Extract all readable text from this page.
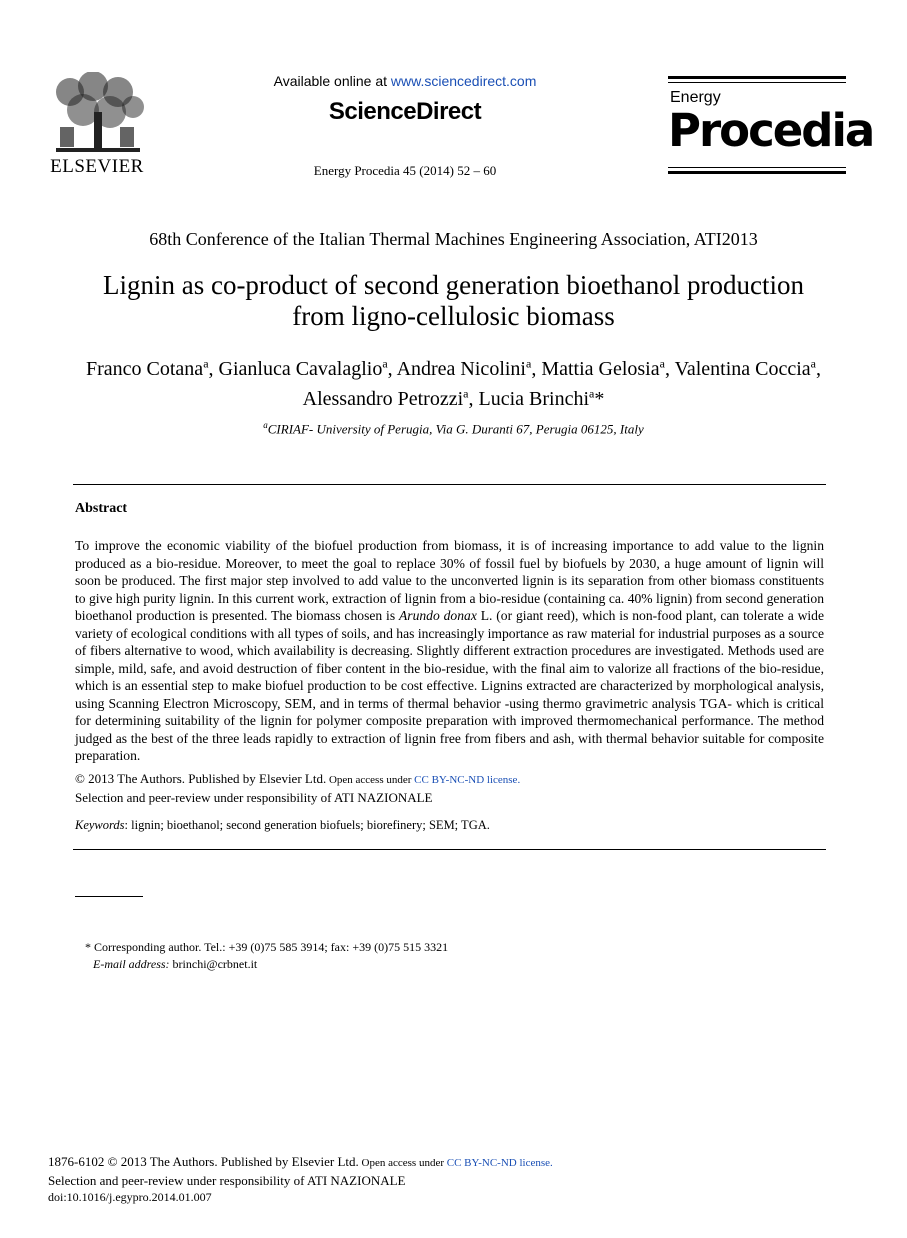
ELSEVIER
Available online at www.sciencedirect.com
ScienceDirect
Energy Procedia 45 (2014) 52 – 60
Energy
Procedia
68th Conference of the Italian Thermal Machines Engineering Association, ATI2013
Lignin as co-product of second generation bioethanol production
from ligno-cellulosic biomass
Franco Cotana$^a$, Gianluca Cavalaglio$^a$, Andrea Nicolini$^a$, Mattia Gelosia$^a$, Valentina Coccia$^a$, Alessandro Petrozzi$^a$, Lucia Brinchi$^a$*
$^a$CIRIAF- University of Perugia, Via G. Duranti 67, Perugia 06125, Italy
Abstract
To improve the economic viability of the biofuel production from biomass, it is of increasing importance to add value to the lignin produced as a bio-residue. Moreover, to meet the goal to replace 30% of fossil fuel by biofuels by 2030, a huge amount of lignin will soon be produced. The first major step involved to add value to the unconverted lignin is its separation from other biomass constituents to give high purity lignin. In this current work, extraction of lignin from a bio-residue (containing ca. 40% lignin) from second generation bioethanol production is presented. The biomass chosen is Arundo donax L. (or giant reed), which is non-food plant, can tolerate a wide variety of ecological conditions with all types of soils, and has increasingly importance as raw material for industrial purposes as a source of fibers alternative to wood, which availability is decreasing. Slightly different extraction procedures are investigated. Methods used are simple, mild, safe, and avoid destruction of fiber content in the bio-residue, with the final aim to valorize all fractions of the bio-residue, which is an essential step to make biofuel production to be cost effective. Lignins extracted are characterized by morphological analysis, using Scanning Electron Microscopy, SEM, and in terms of thermal behavior -using thermo gravimetric analysis TGA- which is critical for determining suitability of the lignin for polymer composite preparation with improved thermomechanical performance. The method judged as the best of the three leads rapidly to extraction of lignin free from fibers and ash, with thermal behavior suitable for composite preparation.
© 2013 The Authors. Published by Elsevier Ltd. Open access under CC BY-NC-ND license.
Selection and peer-review under responsibility of ATI NAZIONALE
Keywords: lignin; bioethanol; second generation biofuels; biorefinery; SEM; TGA.
* Corresponding author. Tel.: +39 (0)75 585 3914; fax: +39 (0)75 515 3321
E-mail address: brinchi@crbnet.it
1876-6102 © 2013 The Authors. Published by Elsevier Ltd. Open access under CC BY-NC-ND license.
Selection and peer-review under responsibility of ATI NAZIONALE
doi:10.1016/j.egypro.2014.01.007
